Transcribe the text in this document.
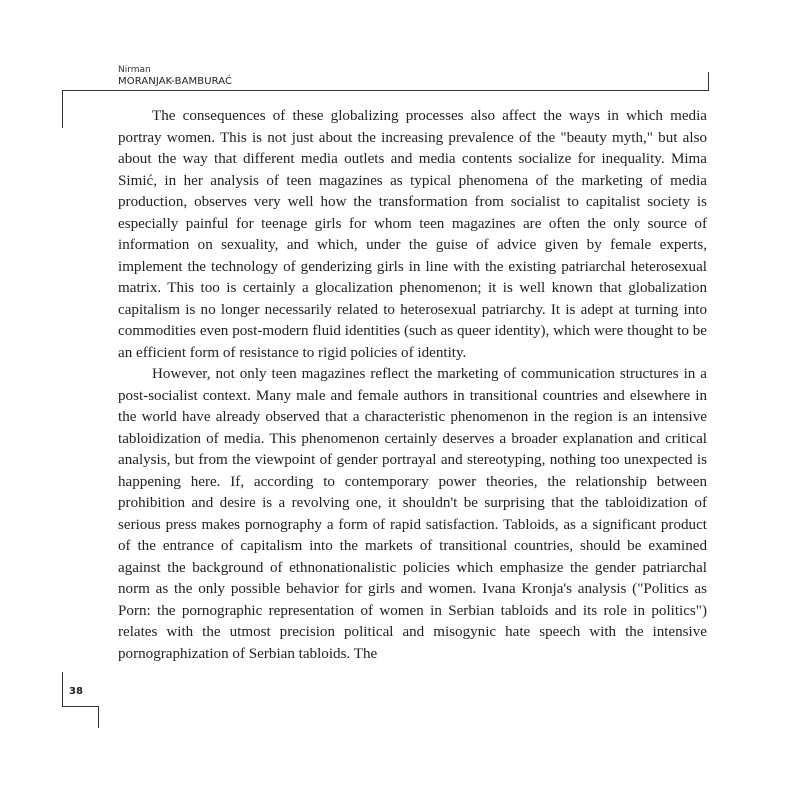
Nirman
MORANJAK-BAMBURAĆ

The consequences of these globalizing processes also affect the ways in which media portray women. This is not just about the increasing prevalence of the "beauty myth," but also about the way that different media outlets and media contents socialize for inequality. Mima Simić, in her analysis of teen magazines as typical phenomena of the marketing of media production, observes very well how the transformation from socialist to capitalist society is especially painful for teenage girls for whom teen magazines are often the only source of information on sexuality, and which, under the guise of advice given by female experts, implement the technology of genderizing girls in line with the existing patriarchal heterosexual matrix. This too is certainly a glocalization phenomenon; it is well known that globalization capitalism is no longer necessarily related to heterosexual patriarchy. It is adept at turning into commodities even post-modern fluid identities (such as queer identity), which were thought to be an efficient form of resistance to rigid policies of identity.

However, not only teen magazines reflect the marketing of communication structures in a post-socialist context. Many male and female authors in transitional countries and elsewhere in the world have already observed that a characteristic phenomenon in the region is an intensive tabloidization of media. This phenomenon certainly deserves a broader explanation and critical analysis, but from the viewpoint of gender portrayal and stereotyping, nothing too unexpected is happening here. If, according to contemporary power theories, the relationship between prohibition and desire is a revolving one, it shouldn't be surprising that the tabloidization of serious press makes pornography a form of rapid satisfaction. Tabloids, as a significant product of the entrance of capitalism into the markets of transitional countries, should be examined against the background of ethnonationalistic policies which emphasize the gender patriarchal norm as the only possible behavior for girls and women. Ivana Kronja's analysis ("Politics as Porn: the pornographic representation of women in Serbian tabloids and its role in politics") relates with the utmost precision political and misogynic hate speech with the intensive pornographization of Serbian tabloids. The

38
